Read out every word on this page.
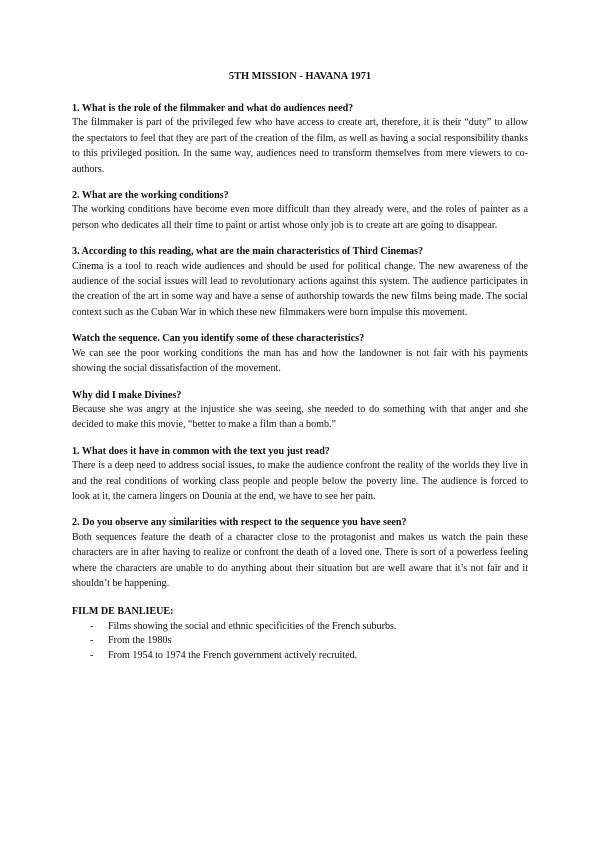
5TH MISSION - HAVANA 1971

1. What is the role of the filmmaker and what do audiences need?

The filmmaker is part of the privileged few who have access to create art, therefore, it is their “duty” to allow the spectators to feel that they are part of the creation of the film, as well as having a social responsibility thanks to this privileged position. In the same way, audiences need to transform themselves from mere viewers to co-authors.

2. What are the working conditions?

The working conditions have become even more difficult than they already were, and the roles of painter as a person who dedicates all their time to paint or artist whose only job is to create art are going to disappear.

3. According to this reading, what are the main characteristics of Third Cinemas?

Cinema is a tool to reach wide audiences and should be used for political change. The new awareness of the audience of the social issues will lead to revolutionary actions against this system. The audience participates in the creation of the art in some way and have a sense of authorship towards the new films being made. The social context such as the Cuban War in which these new filmmakers were born impulse this movement.

Watch the sequence. Can you identify some of these characteristics?

We can see the poor working conditions the man has and how the landowner is not fair with his payments showing the social dissatisfaction of the movement.

Why did I make Divines?

Because she was angry at the injustice she was seeing, she needed to do something with that anger and she decided to make this movie, “better to make a film than a bomb.”

1. What does it have in common with the text you just read?

There is a deep need to address social issues, to make the audience confront the reality of the worlds they live in and the real conditions of working class people and people below the poverty line. The audience is forced to look at it, the camera lingers on Dounia at the end, we have to see her pain.

2. Do you observe any similarities with respect to the sequence you have seen?

Both sequences feature the death of a character close to the protagonist and makes us watch the pain these characters are in after having to realize or confront the death of a loved one. There is sort of a powerless feeling where the characters are unable to do anything about their situation but are well aware that it’s not fair and it shouldn’t be happening.

FILM DE BANLIEUE:

- Films showing the social and ethnic specificities of the French suburbs.
- From the 1980s
- From 1954 to 1974 the French government actively recruited.
